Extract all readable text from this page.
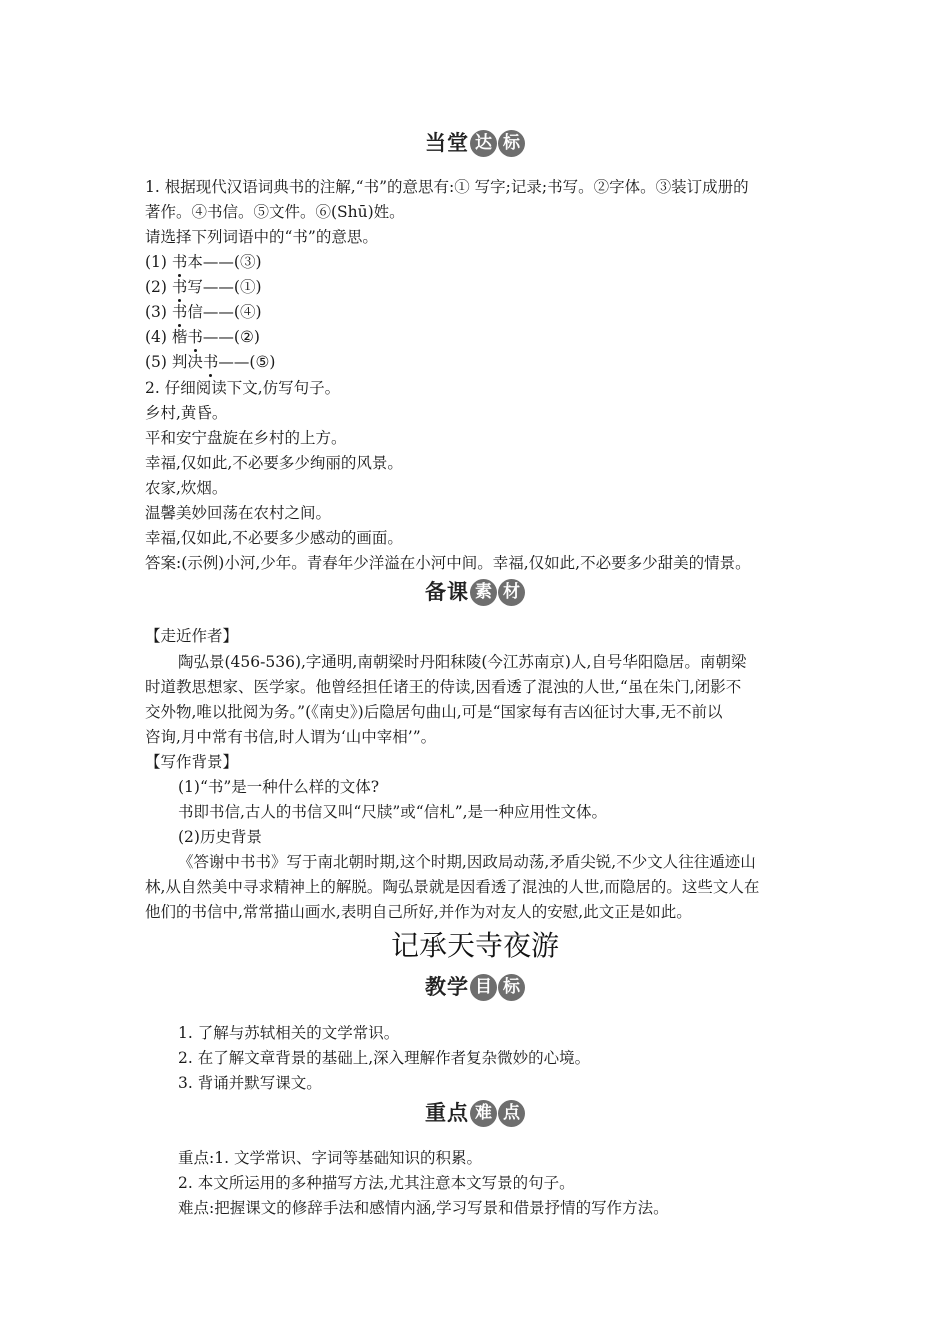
当堂 达 标
1. 根据现代汉语词典书的注解,“书”的意思有:① 写字;记录;书写。②字体。③装订成册的
著作。④书信。⑤文件。⑥(Shū)姓。
请选择下列词语中的“书”的意思。
(1) 书本——(③)
(2) 书写——(①)
(3) 书信——(④)
(4) 楷书——(②)
(5) 判决书——(⑤)
2. 仔细阅读下文,仿写句子。
乡村,黄昏。
平和安宁盘旋在乡村的上方。
幸福,仅如此,不必要多少绚丽的风景。
农家,炊烟。
温馨美妙回荡在农村之间。
幸福,仅如此,不必要多少感动的画面。
答案:(示例)小河,少年。青春年少洋溢在小河中间。幸福,仅如此,不必要多少甜美的情景。
备课 素 材
【走近作者】
陶弘景(456-536),字通明,南朝梁时丹阳秣陵(今江苏南京)人,自号华阳隐居。南朝梁
时道教思想家、医学家。他曾经担任诸王的侍读,因看透了混浊的人世,“虽在朱门,闭影不
交外物,唯以批阅为务。”(《南史》)后隐居句曲山,可是“国家每有吉凶征讨大事,无不前以
咨询,月中常有书信,时人谓为‘山中宰相’”。
【写作背景】
(1)“书”是一种什么样的文体?
书即书信,古人的书信又叫“尺牍”或“信札”,是一种应用性文体。
(2)历史背景
《答谢中书书》写于南北朝时期,这个时期,因政局动荡,矛盾尖锐,不少文人往往遁迹山
林,从自然美中寻求精神上的解脱。陶弘景就是因看透了混浊的人世,而隐居的。这些文人在
他们的书信中,常常描山画水,表明自己所好,并作为对友人的安慰,此文正是如此。
记承天寺夜游
教学 目 标
1. 了解与苏轼相关的文学常识。
2. 在了解文章背景的基础上,深入理解作者复杂微妙的心境。
3. 背诵并默写课文。
重点 难 点
重点:1. 文学常识、字词等基础知识的积累。
2. 本文所运用的多种描写方法,尤其注意本文写景的句子。
难点:把握课文的修辞手法和感情内涵,学习写景和借景抒情的写作方法。
